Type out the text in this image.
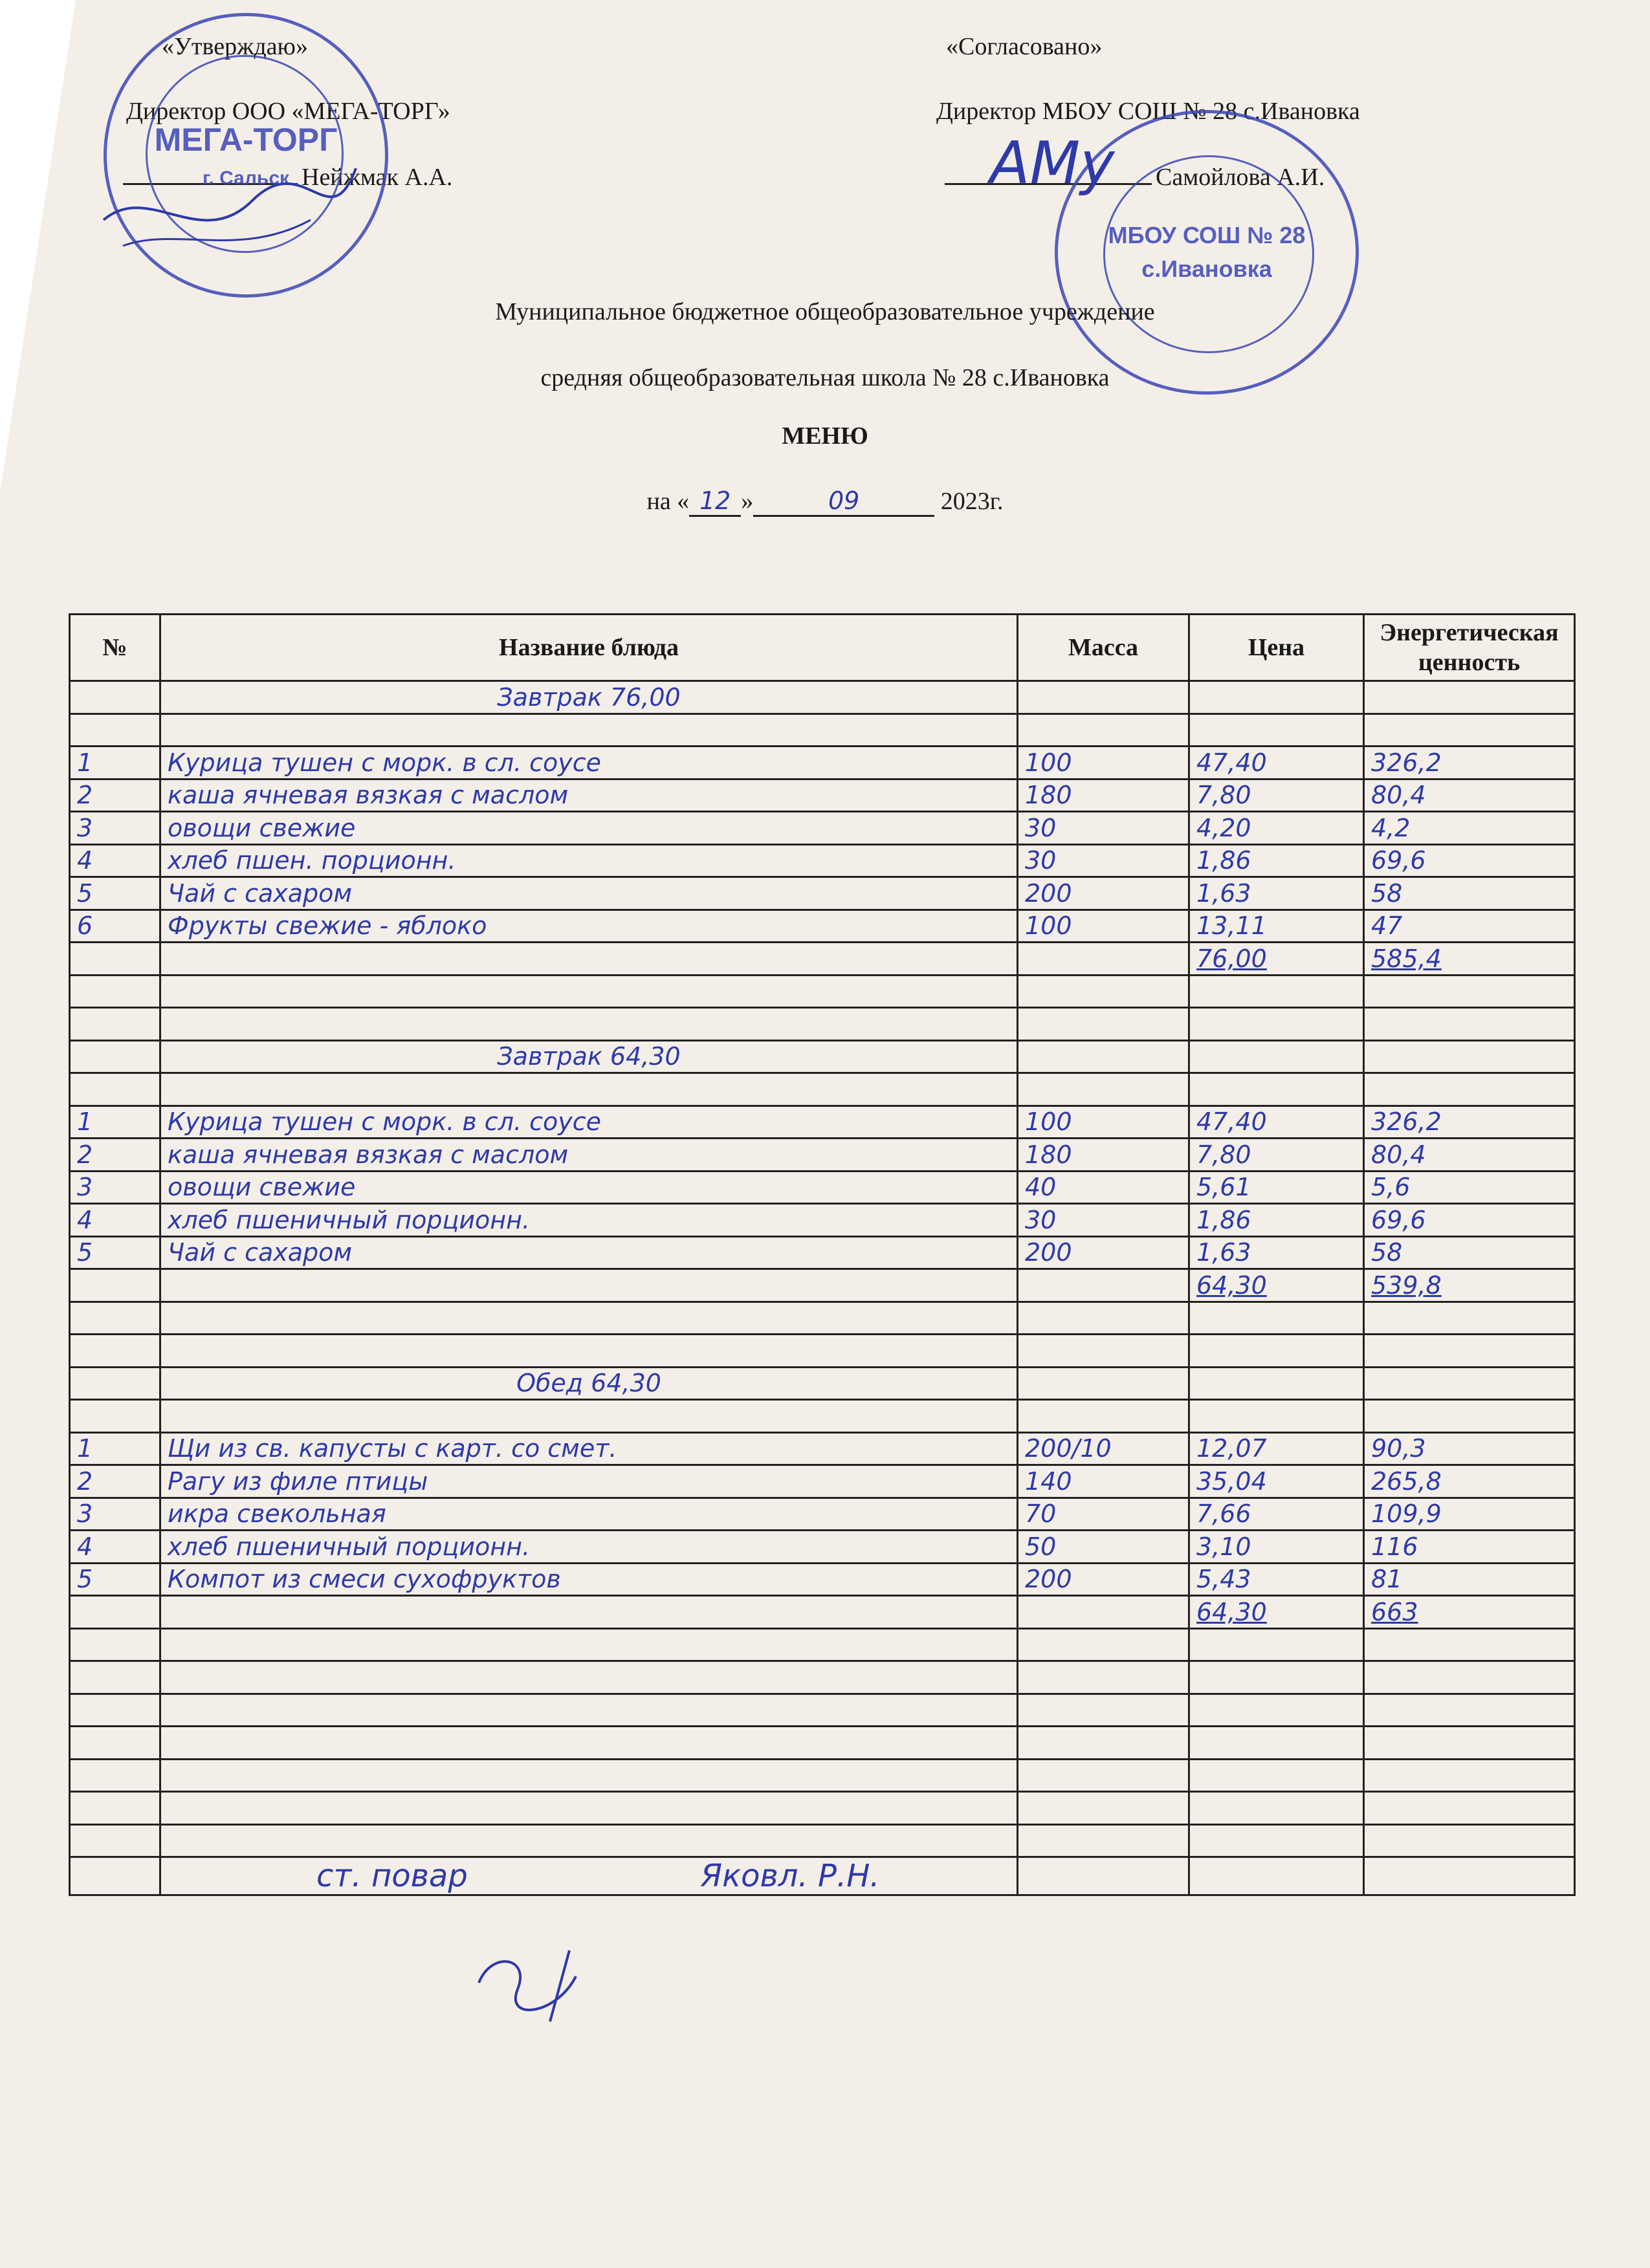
«Утверждаю»
Директор ООО «МЕГА-ТОРГ»
Нейжмак А.А.
«Согласовано»
Директор МБОУ СОШ № 28 с.Ивановка
Самойлова А.И.
МЕГА-ТОРГ
г. Сальск
МБОУ СОШ № 28
с.Ивановка
АМу
Муниципальное бюджетное общеобразовательное учреждение
средняя общеобразовательная школа № 28 с.Ивановка
МЕНЮ
на « 12 »	09	2023г.
№	Название блюда	Масса	Цена	Энергетическая ценность
	Завтрак 76,00			

1	Курица тушен с морк. в сл. соусе	100	47,40	326,2
2	каша ячневая вязкая с маслом	180	7,80	80,4
3	овощи свежие	30	4,20	4,2
4	хлеб пшен. порционн.	30	1,86	69,6
5	Чай с сахаром	200	1,63	58
6	Фрукты свежие - яблоко	100	13,11	47
			76,00	585,4

	Завтрак 64,30			

1	Курица тушен с морк. в сл. соусе	100	47,40	326,2
2	каша ячневая вязкая с маслом	180	7,80	80,4
3	овощи свежие	40	5,61	5,6
4	хлеб пшеничный порционн.	30	1,86	69,6
5	Чай с сахаром	200	1,63	58
			64,30	539,8

	Обед 64,30			

1	Щи из св. капусты с карт. со смет.	200/10	12,07	90,3
2	Рагу из филе птицы	140	35,04	265,8
3	икра свекольная	70	7,66	109,9
4	хлеб пшеничный порционн.	50	3,10	116
5	Компот из смеси сухофруктов	200	5,43	81
			64,30	663

	ст. повар Яковл. Р.Н.			
